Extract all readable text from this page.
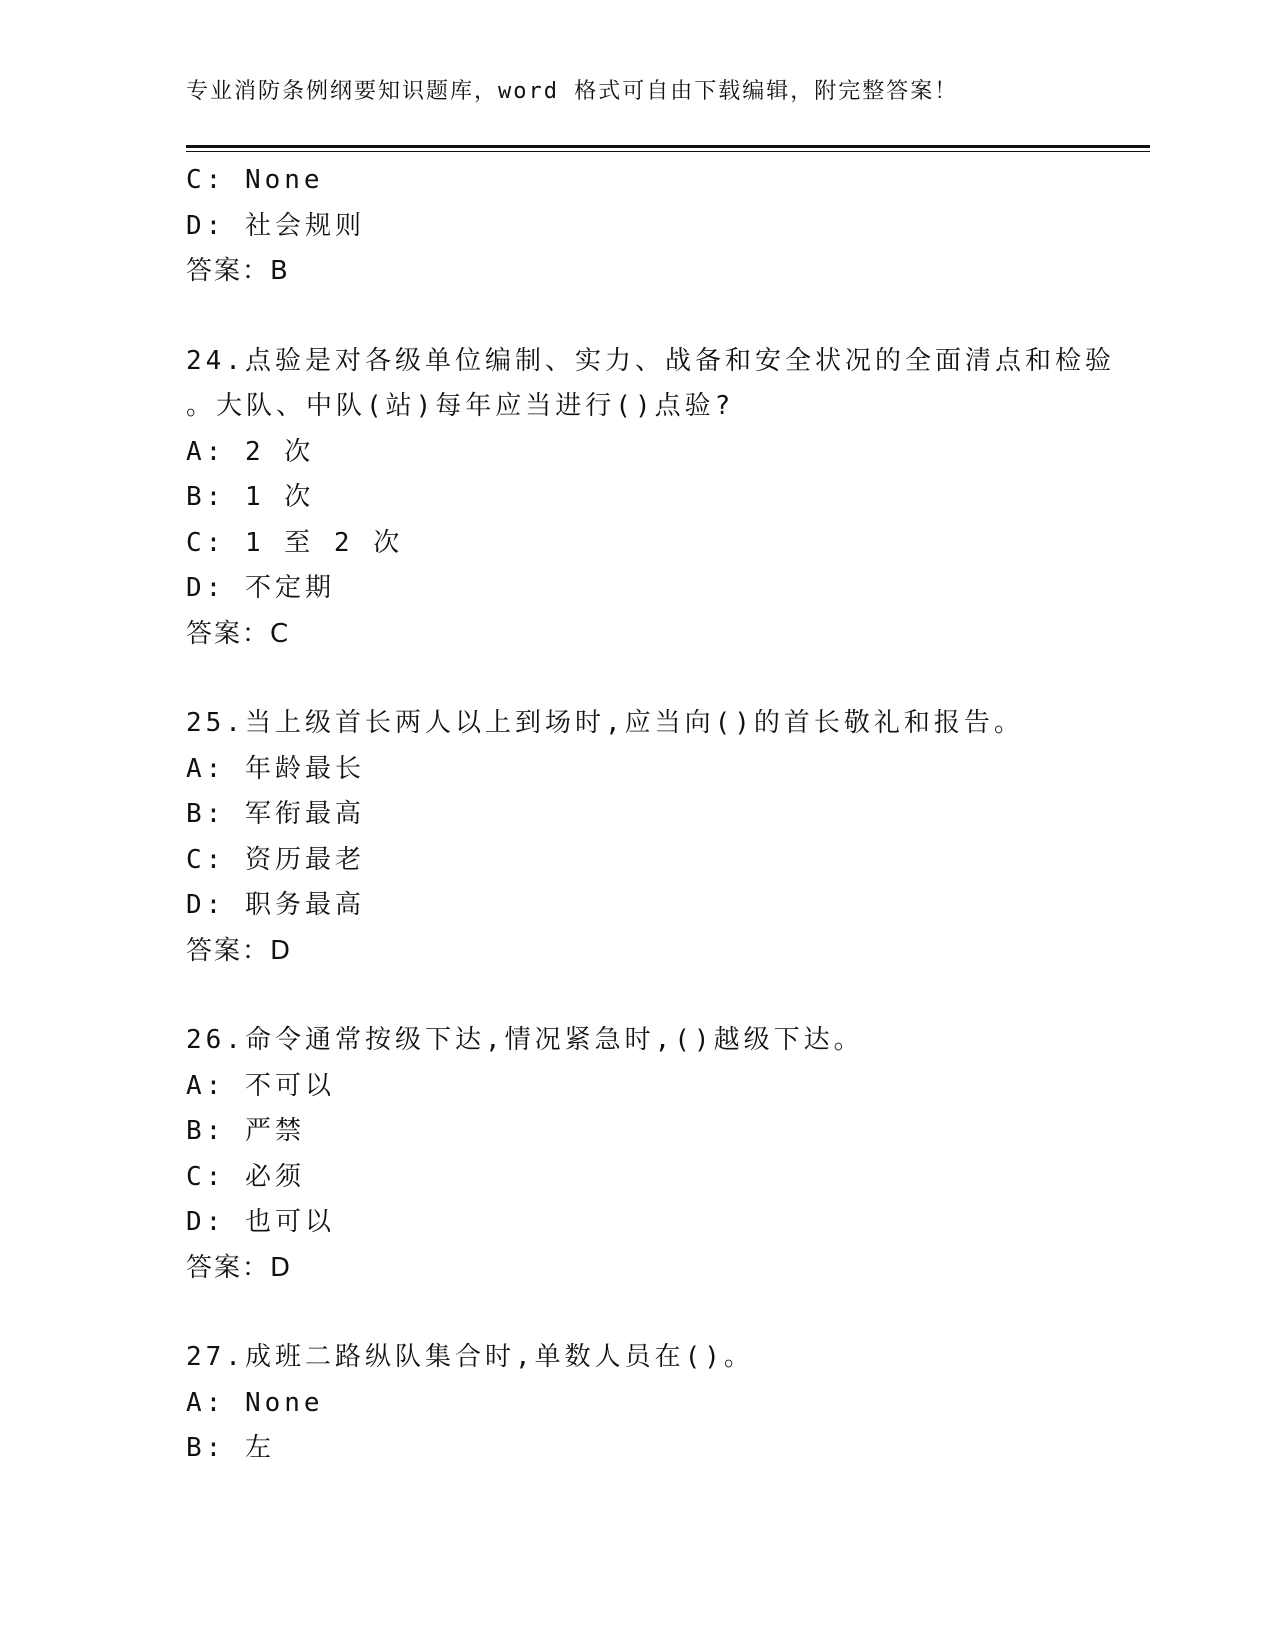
专业消防条例纲要知识题库，word 格式可自由下载编辑，附完整答案！
C: None
D: 社会规则
答案：B
24.点验是对各级单位编制、实力、战备和安全状况的全面清点和检验
。大队、中队(站)每年应当进行()点验?
A: 2 次
B: 1 次
C: 1 至 2 次
D: 不定期
答案：C
25.当上级首长两人以上到场时,应当向()的首长敬礼和报告。
A: 年龄最长
B: 军衔最高
C: 资历最老
D: 职务最高
答案：D
26.命令通常按级下达,情况紧急时,()越级下达。
A: 不可以
B: 严禁
C: 必须
D: 也可以
答案：D
27.成班二路纵队集合时,单数人员在()。
A: None
B: 左
